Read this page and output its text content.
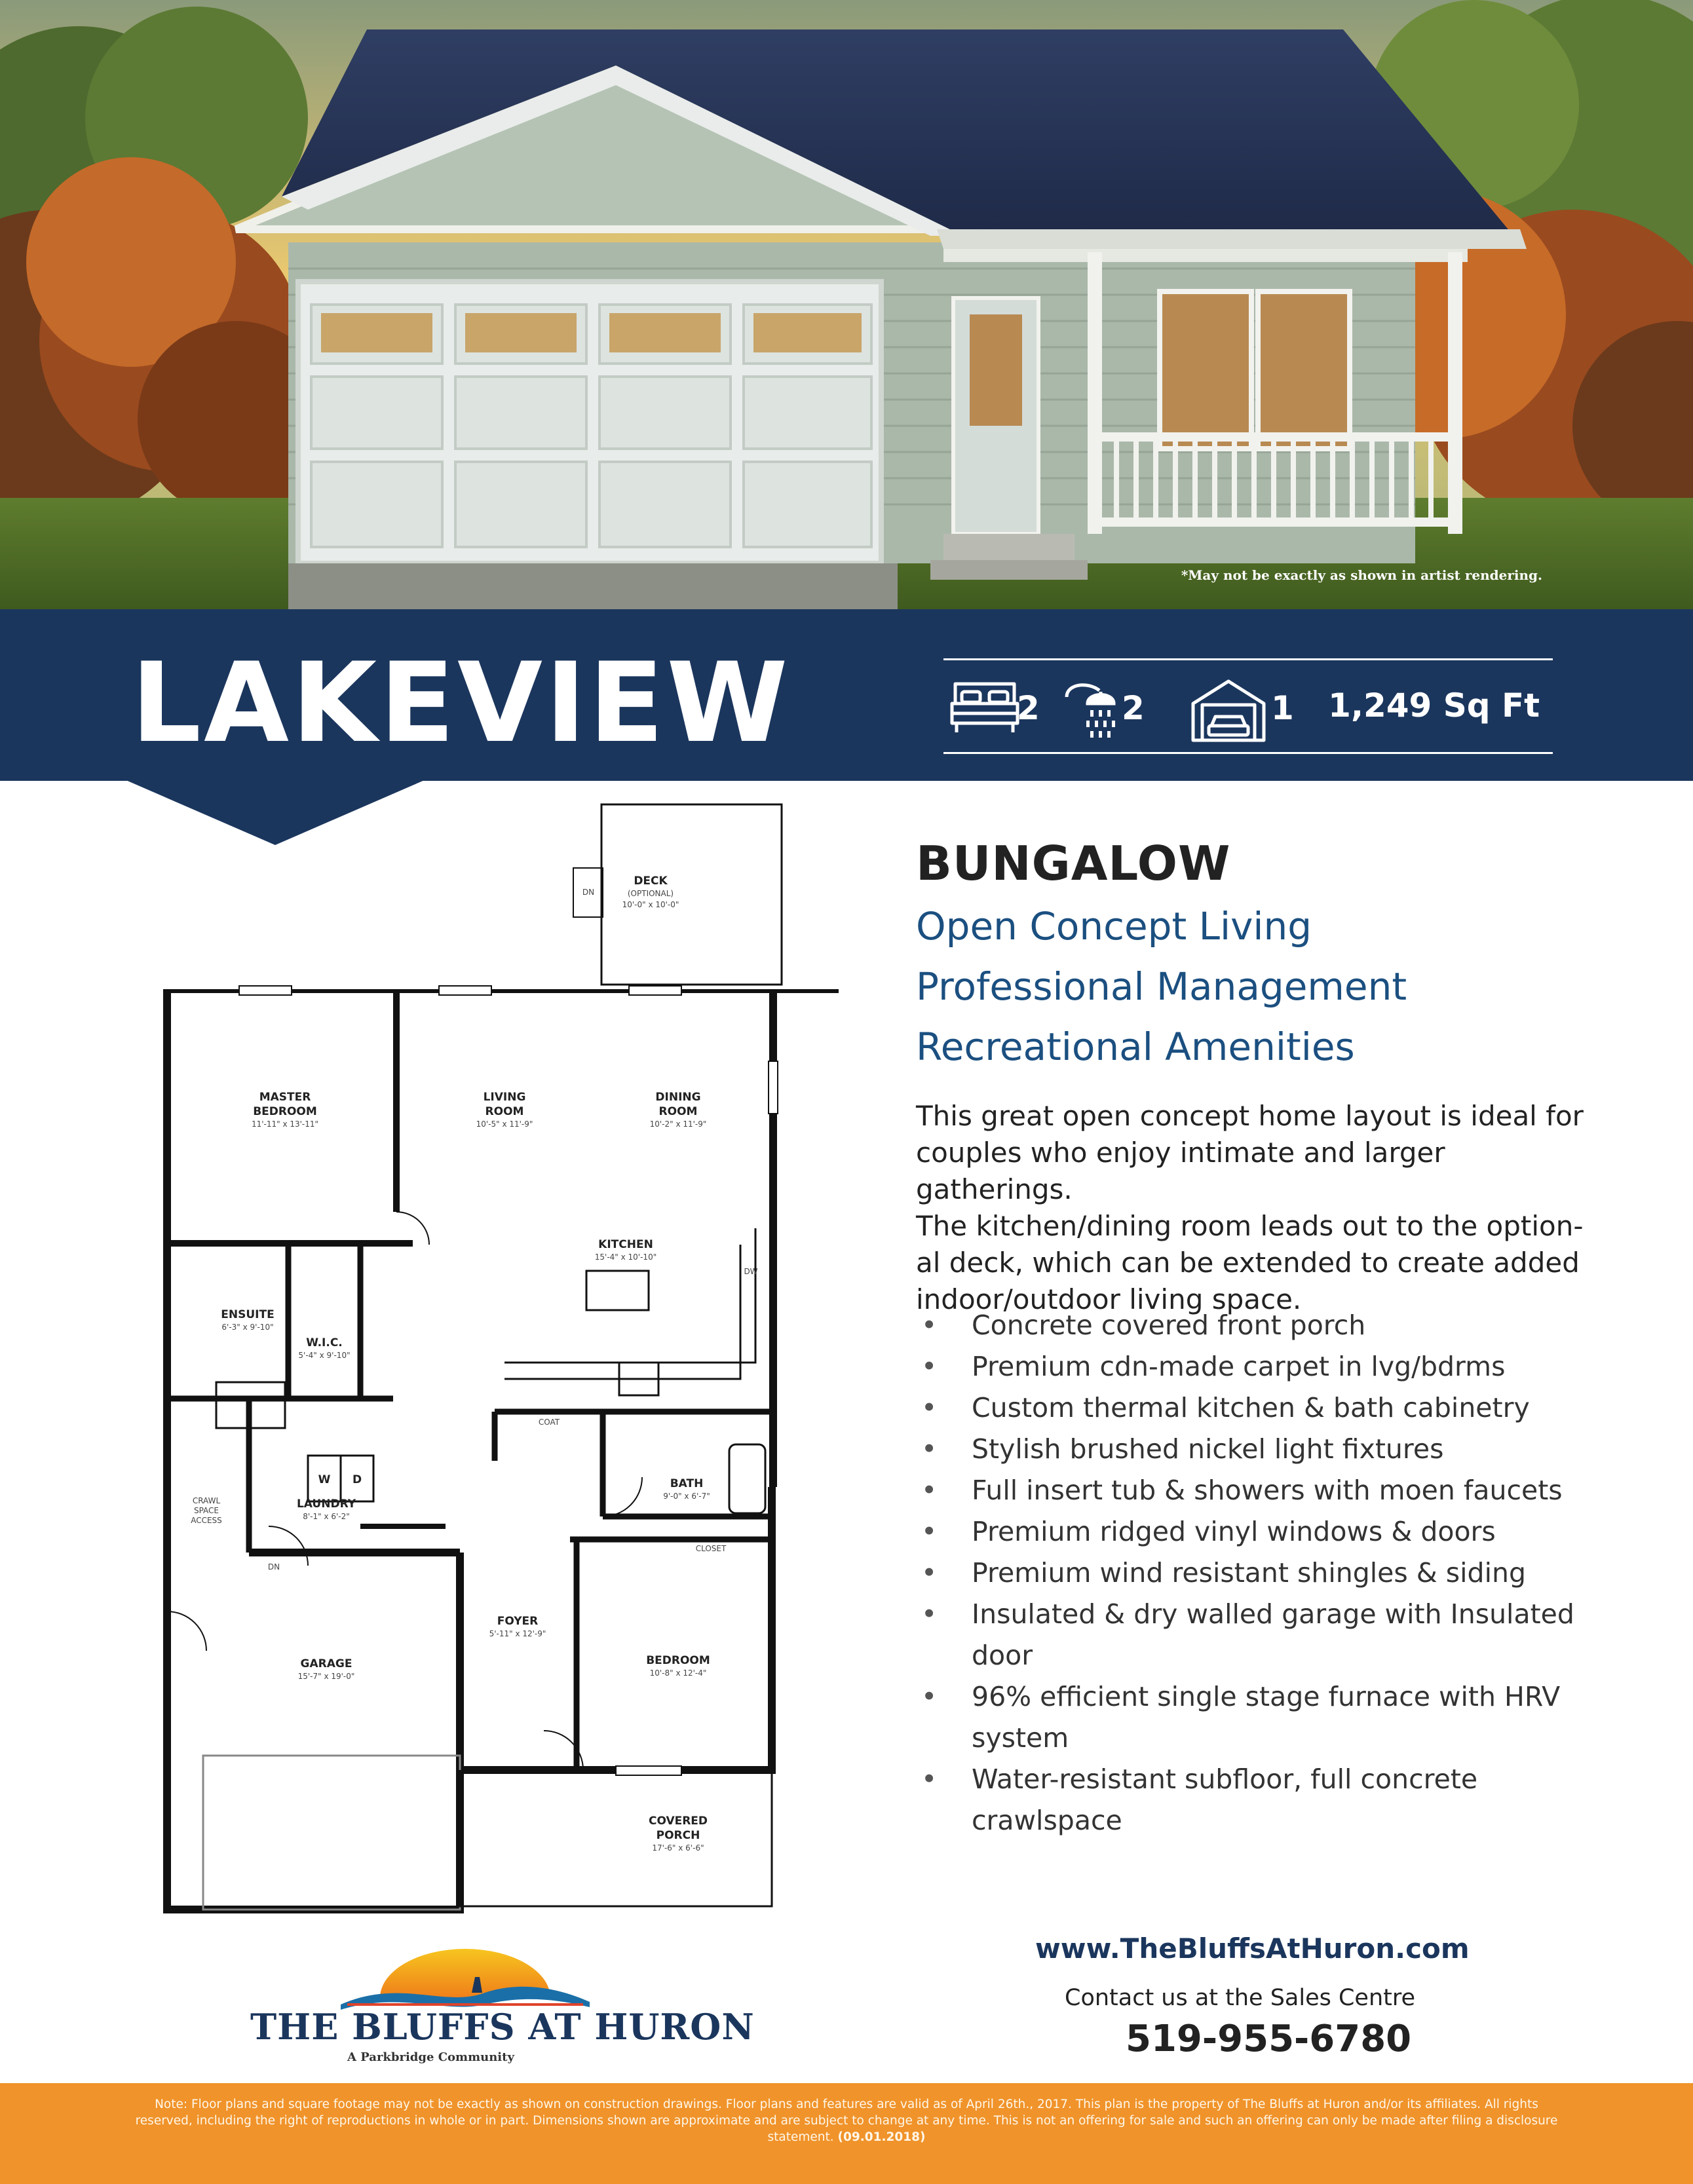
*May not be exactly as shown in artist rendering.
LAKEVIEW	2	2	1 1,249 Sq Ft
DECK
(OPTIONAL)
10'-0" x 10'-0"
MASTER
BEDROOM
11'-11" x 13'-11"
LIVING
ROOM
10'-5" x 11'-9"
DINING
ROOM
10'-2" x 11'-9"
KITCHEN
15'-4" x 10'-10"
ENSUITE
6'-3" x 9'-10"
W.I.C.
5'-4" x 9'-10"
LAUNDRY
8'-1" x 6'-2"
BATH
9'-0" x 6'-7"
GARAGE
15'-7" x 19'-0"
FOYER
5'-11" x 12'-9"
BEDROOM
10'-8" x 12'-4"
COVERED
PORCH
17'-6" x 6'-6"
COAT
CLOSET
DW
W D
DN
DN
CRAWL
SPACE
ACCESS
BUNGALOW
Open Concept Living
Professional Management
Recreational Amenities
This great open concept home layout is ideal for
couples who enjoy intimate and larger gatherings.
The kitchen/dining room leads out to the option-
al deck, which can be extended to create added
indoor/outdoor living space.
• Concrete covered front porch
• Premium cdn-made carpet in lvg/bdrms
• Custom thermal kitchen & bath cabinetry
• Stylish brushed nickel light fixtures
• Full insert tub & showers with moen faucets
• Premium ridged vinyl windows & doors
• Premium wind resistant shingles & siding
• Insulated & dry walled garage with Insulated door
• 96% efficient single stage furnace with HRV system
• Water-resistant subfloor, full concrete crawlspace
www.TheBluffsAtHuron.com
Contact us at the Sales Centre
519-955-6780
THE BLUFFS AT HURON
A Parkbridge Community
Note: Floor plans and square footage may not be exactly as shown on construction drawings. Floor plans and features are valid as of April 26th., 2017. This plan is the property of The Bluffs at Huron and/or its affiliates. All rights
reserved, including the right of reproductions in whole or in part. Dimensions shown are approximate and are subject to change at any time. This is not an offering for sale and such an offering can only be made after filing a disclosure
statement. (09.01.2018)
